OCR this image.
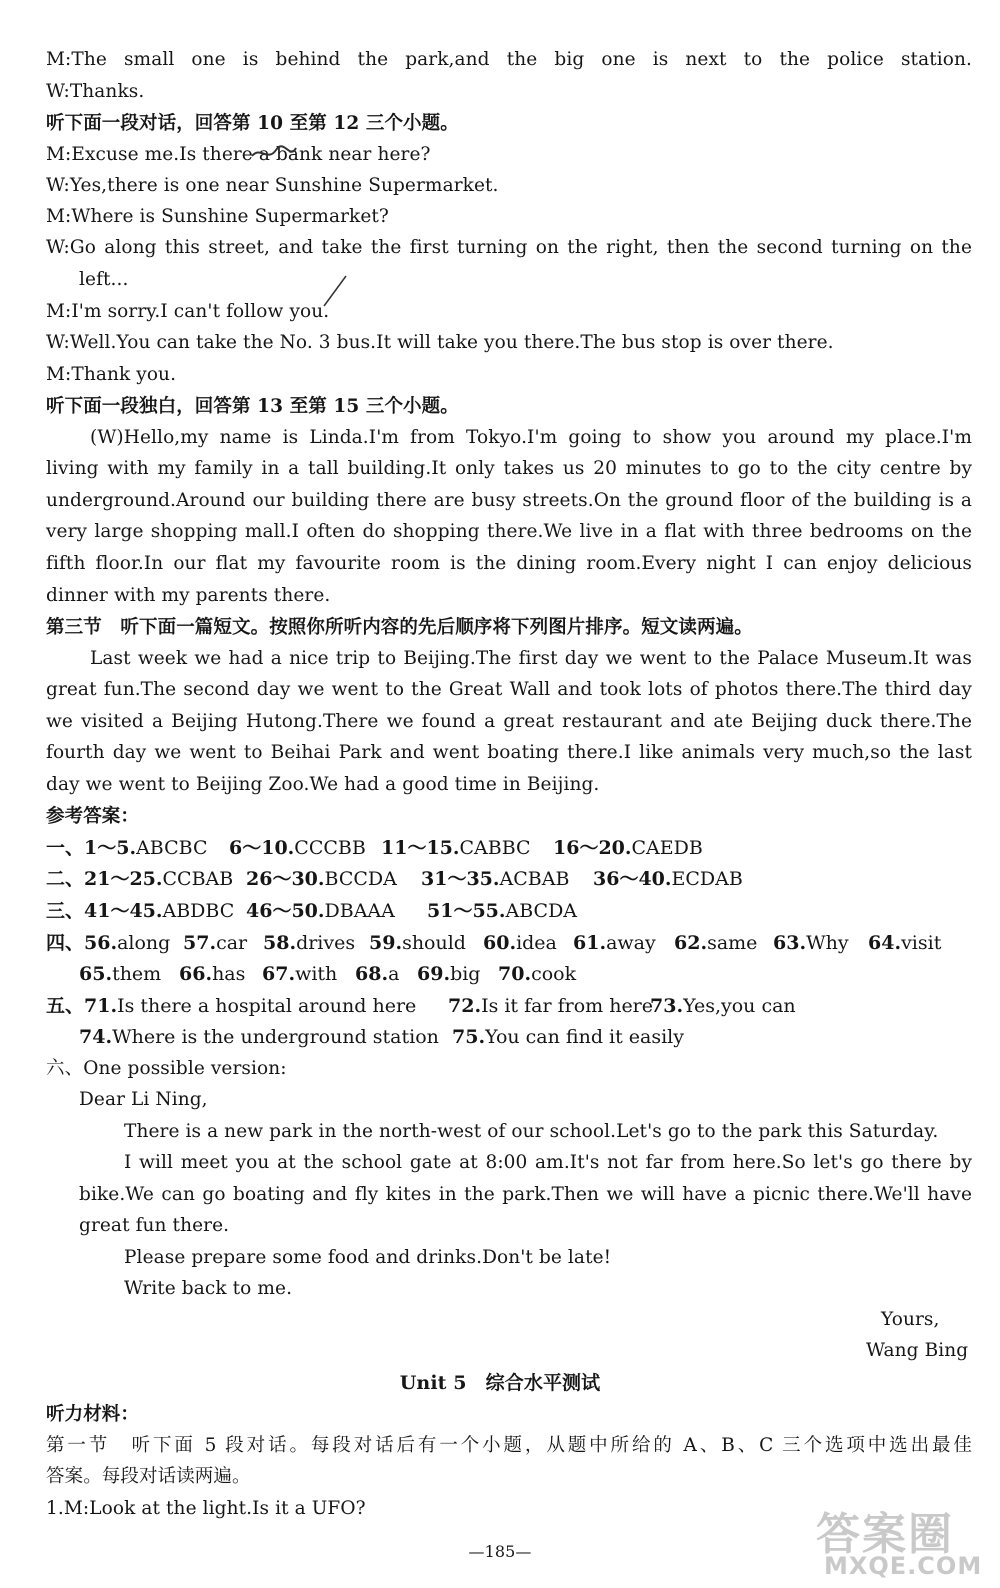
M:The small one is behind the park,and the big one is next to the police station.
W:Thanks.
听下面一段对话，回答第 10 至第 12 三个小题。
M:Excuse me.Is there a bank near here?
W:Yes,there is one near Sunshine Supermarket.
M:Where is Sunshine Supermarket?
W:Go along this street, and take the first turning on the right, then the second turning on the
left...
M:I'm sorry.I can't follow you.
W:Well.You can take the No. 3 bus.It will take you there.The bus stop is over there.
M:Thank you.
听下面一段独白，回答第 13 至第 15 三个小题。
(W)Hello,my name is Linda.I'm from Tokyo.I'm going to show you around my place.I'm
living with my family in a tall building.It only takes us 20 minutes to go to the city centre by
underground.Around our building there are busy streets.On the ground floor of the building is a
very large shopping mall.I often do shopping there.We live in a flat with three bedrooms on the
fifth floor.In our flat my favourite room is the dining room.Every night I can enjoy delicious
dinner with my parents there.
第三节　听下面一篇短文。按照你所听内容的先后顺序将下列图片排序。短文读两遍。
Last week we had a nice trip to Beijing.The first day we went to the Palace Museum.It was
great fun.The second day we went to the Great Wall and took lots of photos there.The third day
we visited a Beijing Hutong.There we found a great restaurant and ate Beijing duck there.The
fourth day we went to Beihai Park and went boating there.I like animals very much,so the last
day we went to Beijing Zoo.We had a good time in Beijing.
参考答案：
一、1～5.ABCBC 6～10.CCCBB 11～15.CABBC 16～20.CAEDB
二、21～25.CCBAB 26～30.BCCDA 31～35.ACBAB 36～40.ECDAB
三、41～45.ABDBC 46～50.DBAAA 51～55.ABCDA
四、56.along 57.car 58.drives 59.should 60.idea 61.away 62.same 63.Why 64.visit
65.them 66.has 67.with 68.a 69.big 70.cook
五、71.Is there a hospital around here 72.Is it far from here
73.Yes,you can
74.Where is the underground station 75.You can find it easily
六、One possible version:
Dear Li Ning,
There is a new park in the north-west of our school.Let's go to the park this Saturday.
I will meet you at the school gate at 8:00 am.It's not far from here.So let's go there by
bike.We can go boating and fly kites in the park.Then we will have a picnic there.We'll have
great fun there.
Please prepare some food and drinks.Don't be late!
Write back to me.
Yours,
Wang Bing
Unit 5　综合水平测试
听力材料：
第一节　听下面 5 段对话。每段对话后有一个小题，从题中所给的 A、B、C 三个选项中选出最佳
答案。每段对话读两遍。
1.M:Look at the light.Is it a UFO?
—185—	答案圈
MXQE.COM
